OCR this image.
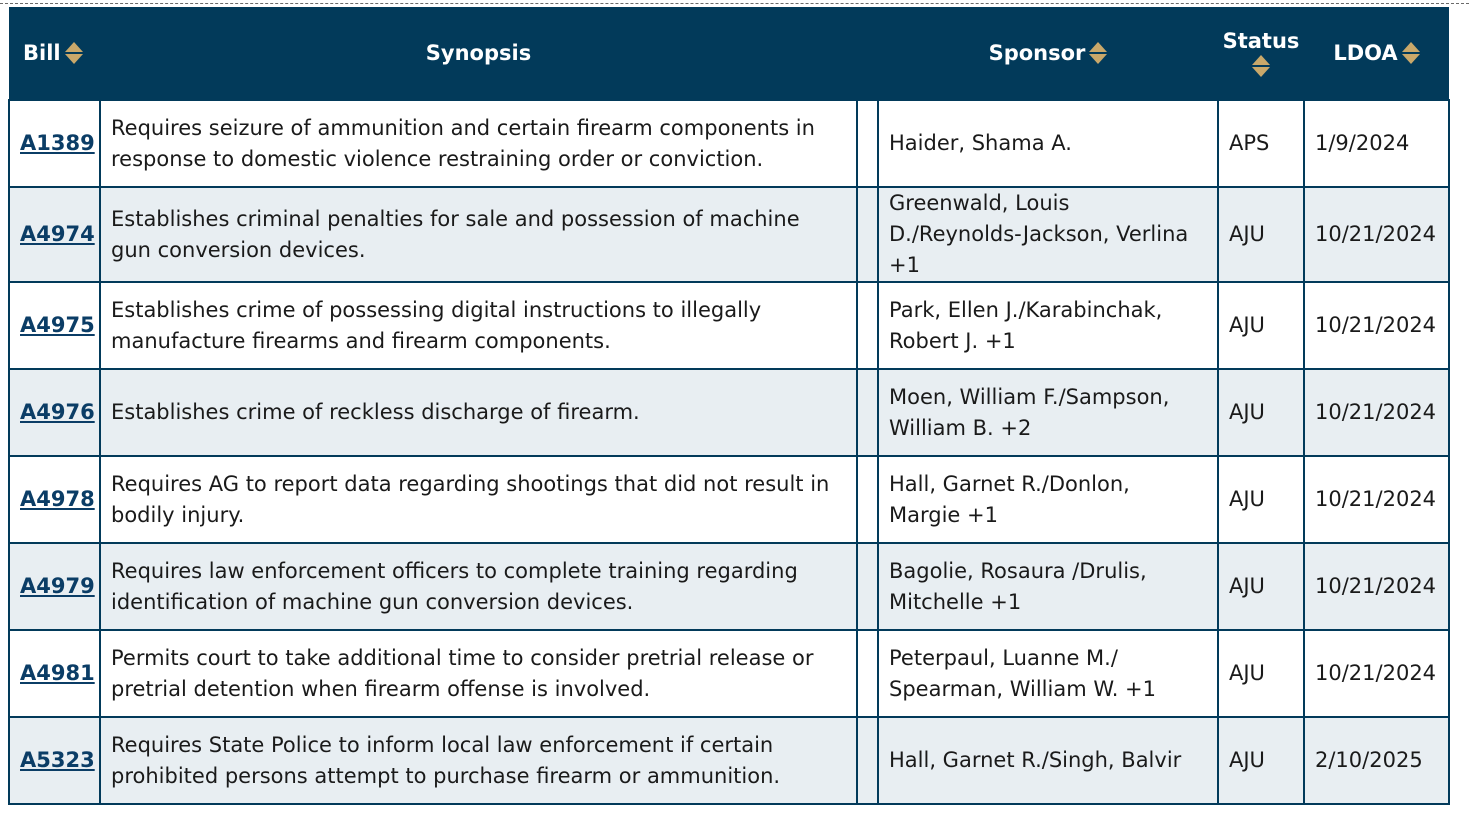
Bill	Synopsis		Sponsor	Status	LDOA

A1389	Requires seizure of ammunition and certain firearm components in response to domestic violence restraining order or conviction.		Haider, Shama A.	APS	1/9/2024
A4974	Establishes criminal penalties for sale and possession of machine gun conversion devices.		Greenwald, Louis D./Reynolds-Jackson, Verlina +1	AJU	10/21/2024
A4975	Establishes crime of possessing digital instructions to illegally manufacture firearms and firearm components.		Park, Ellen J./Karabinchak, Robert J. +1	AJU	10/21/2024
A4976	Establishes crime of reckless discharge of firearm.		Moen, William F./Sampson, William B. +2	AJU	10/21/2024
A4978	Requires AG to report data regarding shootings that did not result in bodily injury.		Hall, Garnet R./Donlon, Margie +1	AJU	10/21/2024
A4979	Requires law enforcement officers to complete training regarding identification of machine gun conversion devices.		Bagolie, Rosaura /Drulis, Mitchelle +1	AJU	10/21/2024
A4981	Permits court to take additional time to consider pretrial release or pretrial detention when firearm offense is involved.		Peterpaul, Luanne M./ Spearman, William W. +1	AJU	10/21/2024
A5323	Requires State Police to inform local law enforcement if certain prohibited persons attempt to purchase firearm or ammunition.		Hall, Garnet R./Singh, Balvir	AJU	2/10/2025
